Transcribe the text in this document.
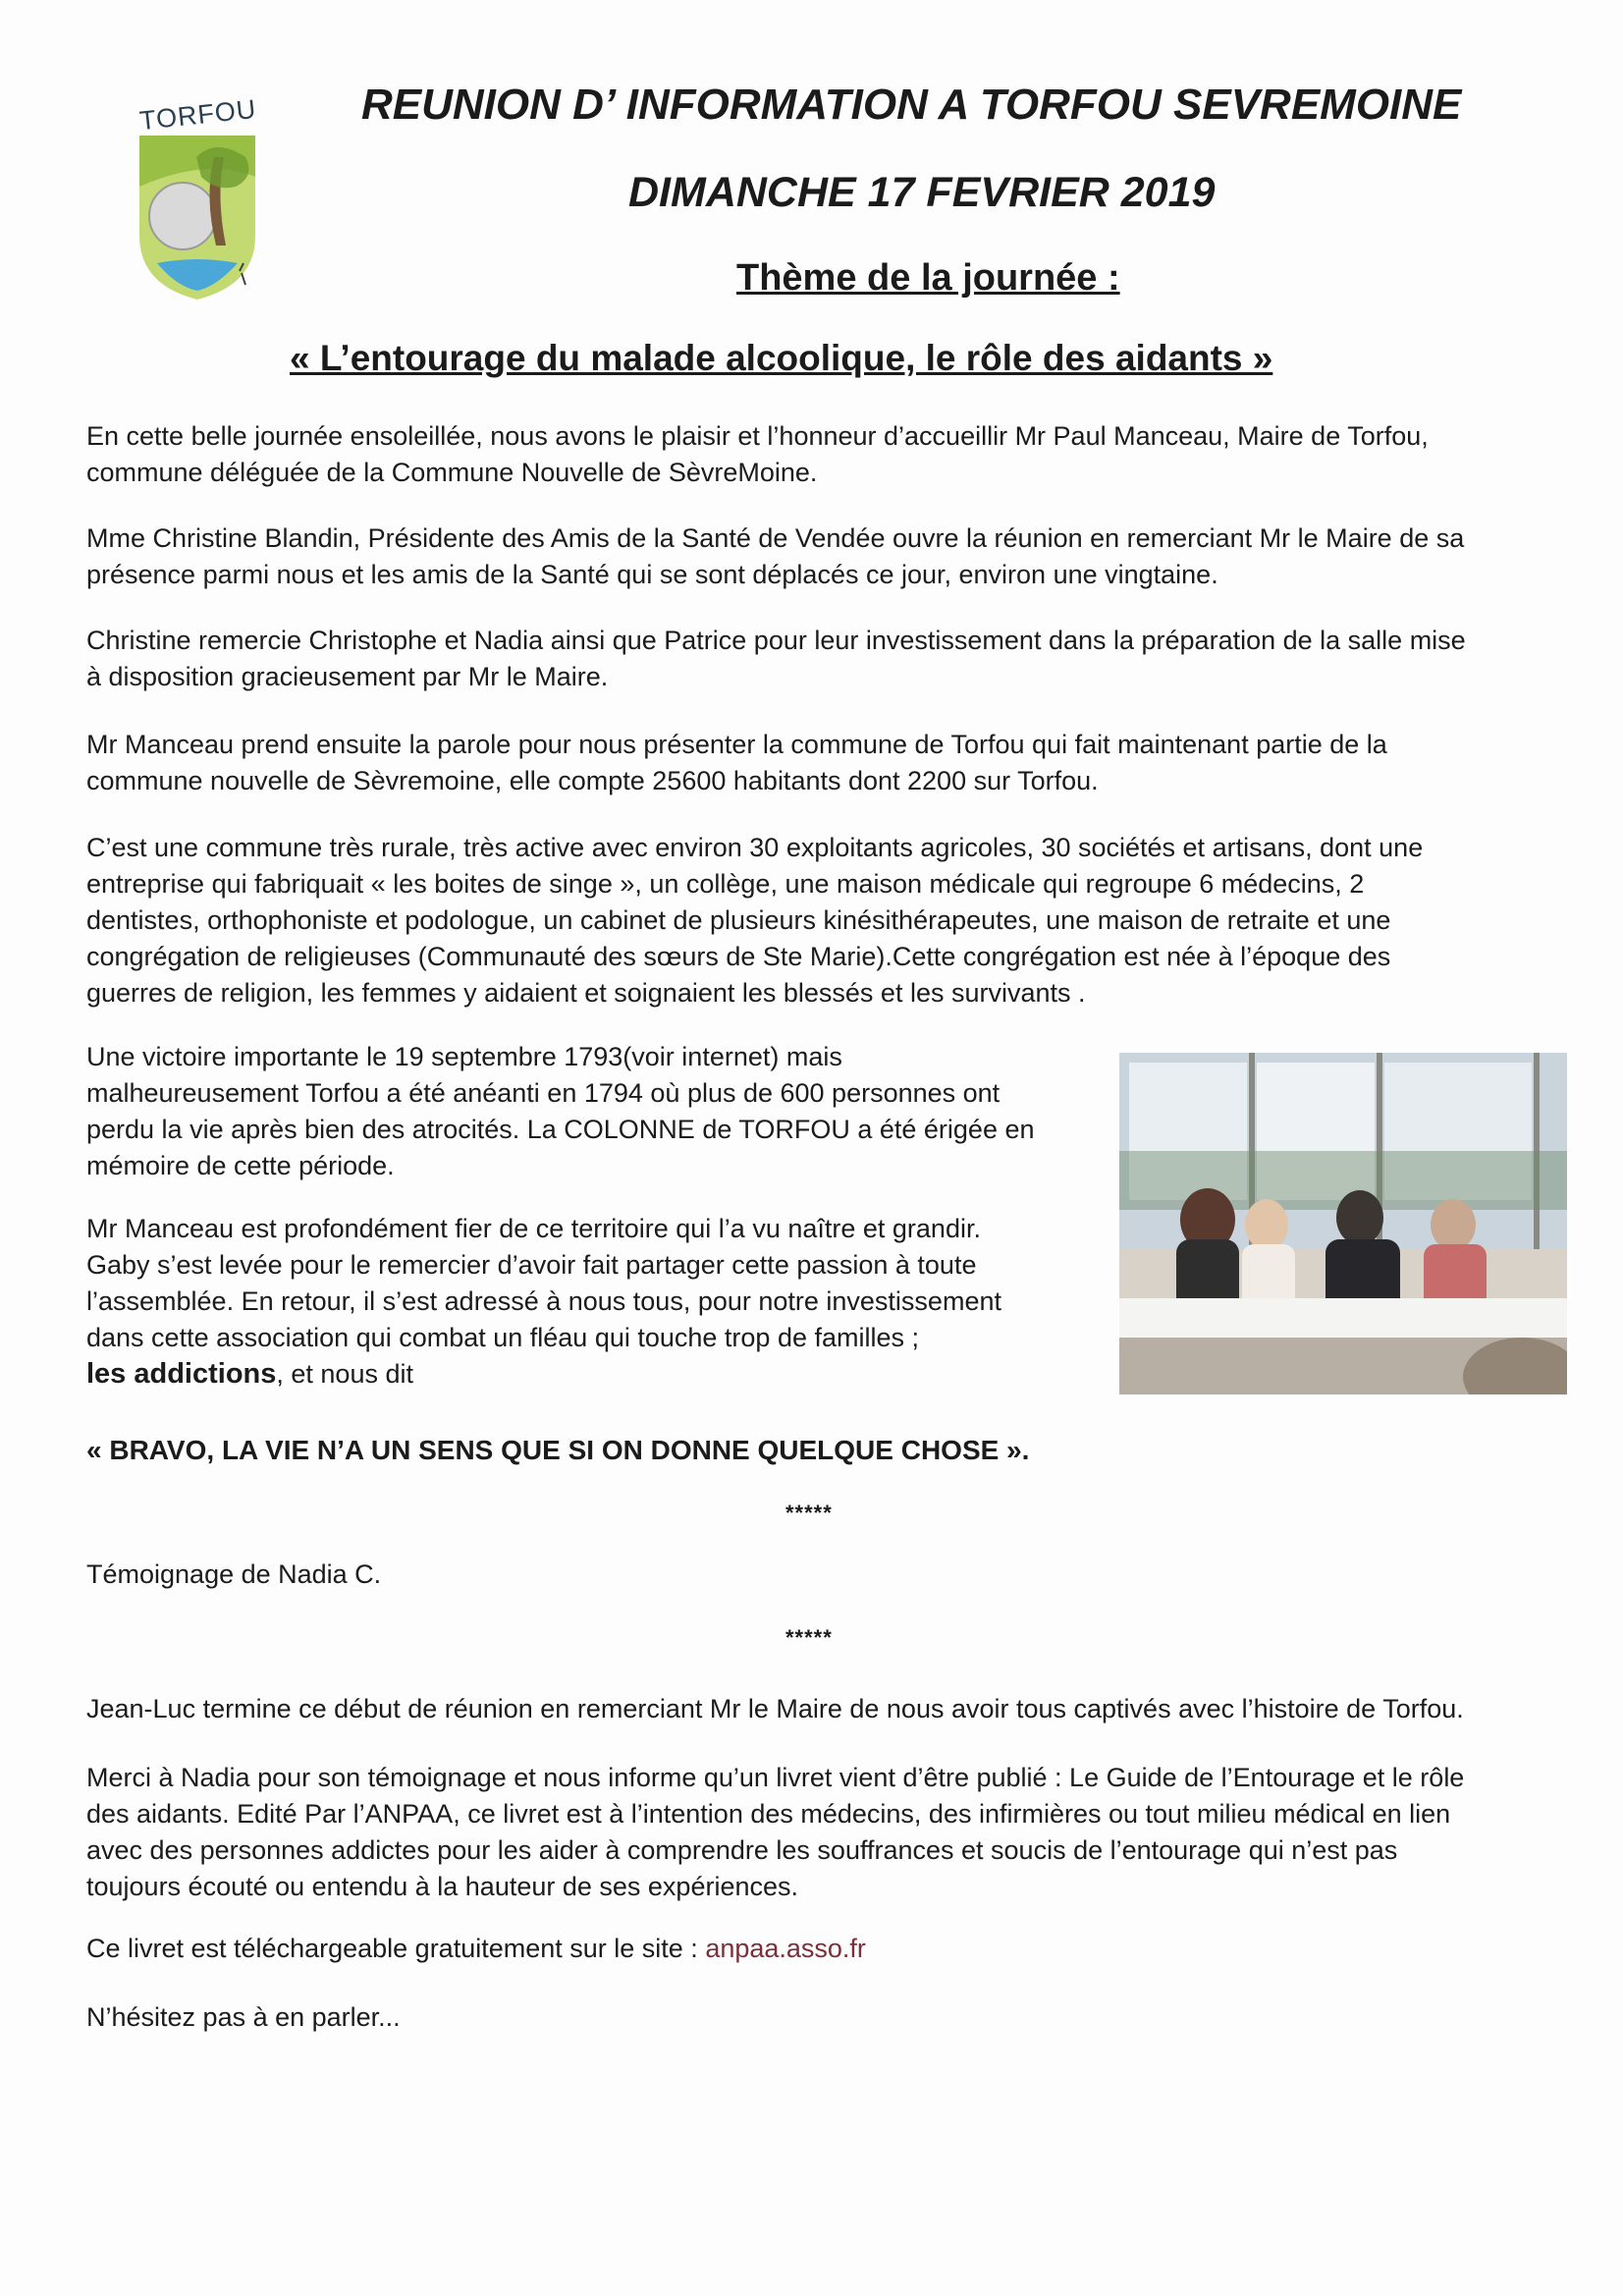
TORFOU REUNION D’ INFORMATION A TORFOU SEVREMOINE
DIMANCHE 17 FEVRIER 2019
Thème de la journée :
« L’entourage du malade alcoolique, le rôle des aidants »

En cette belle journée ensoleillée, nous avons le plaisir et l’honneur d’accueillir Mr Paul Manceau, Maire de Torfou,

commune déléguée de la Commune Nouvelle de SèvreMoine.

Mme Christine Blandin, Présidente des Amis de la Santé de Vendée ouvre la réunion en remerciant Mr le Maire de sa

présence parmi nous et les amis de la Santé qui se sont déplacés ce jour, environ une vingtaine.

Christine remercie Christophe et Nadia ainsi que Patrice pour leur investissement dans la préparation de la salle mise

à disposition gracieusement par Mr le Maire.

Mr Manceau prend ensuite la parole pour nous présenter la commune de Torfou qui fait maintenant partie de la

commune nouvelle de Sèvremoine, elle compte 25600 habitants dont 2200 sur Torfou.

C’est une commune très rurale, très active avec environ 30 exploitants agricoles, 30 sociétés et artisans, dont une

entreprise qui fabriquait « les boites de singe », un collège, une maison médicale qui regroupe 6 médecins, 2

dentistes, orthophoniste et podologue, un cabinet de plusieurs kinésithérapeutes, une maison de retraite et une

congrégation de religieuses (Communauté des sœurs de Ste Marie).Cette congrégation est née à l’époque des

guerres de religion, les femmes y aidaient et soignaient les blessés et les survivants .

Une victoire importante le 19 septembre 1793(voir internet) mais

malheureusement Torfou a été anéanti en 1794 où plus de 600 personnes ont

perdu la vie après bien des atrocités. La COLONNE de TORFOU a été érigée en

mémoire de cette période.

Mr Manceau est profondément fier de ce territoire qui l’a vu naître et grandir.

Gaby s’est levée pour le remercier d’avoir fait partager cette passion à toute

l’assemblée. En retour, il s’est adressé à nous tous, pour notre investissement

dans cette association qui combat un fléau qui touche trop de familles ;

les addictions, et nous dit

« BRAVO, LA VIE N’A UN SENS QUE SI ON DONNE QUELQUE CHOSE ».
*****
Témoignage de Nadia C.
*****
Jean-Luc termine ce début de réunion en remerciant Mr le Maire de nous avoir tous captivés avec l’histoire de Torfou.

Merci à Nadia pour son témoignage et nous informe qu’un livret vient d’être publié : Le Guide de l’Entourage et le rôle

des aidants. Edité Par l’ANPAA, ce livret est à l’intention des médecins, des infirmières ou tout milieu médical en lien

avec des personnes addictes pour les aider à comprendre les souffrances et soucis de l’entourage qui n’est pas

toujours écouté ou entendu à la hauteur de ses expériences.

Ce livret est téléchargeable gratuitement sur le site : anpaa.asso.fr
N’hésitez pas à en parler...
